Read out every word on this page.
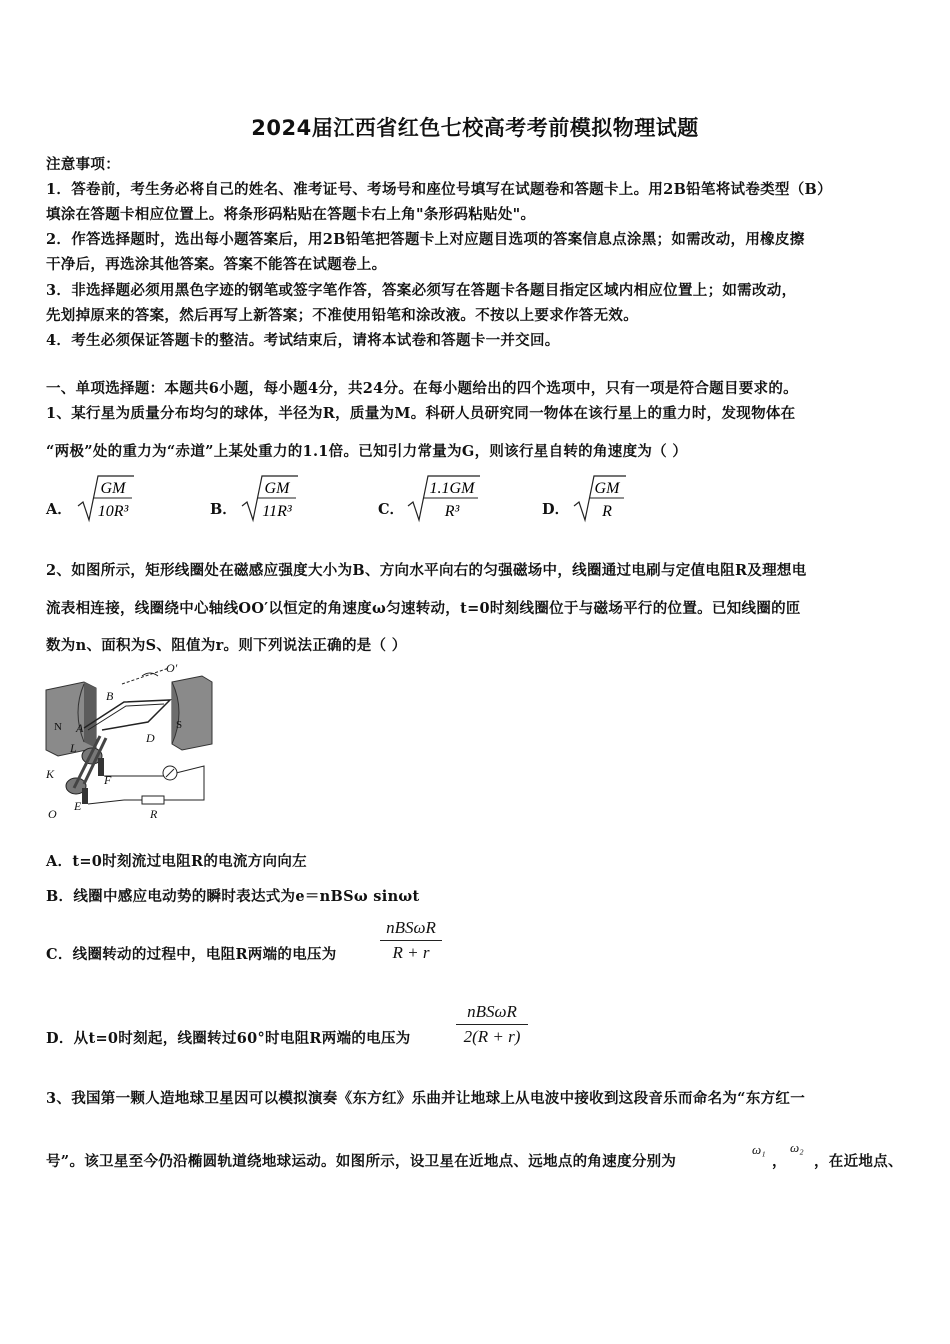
2024届江西省红色七校高考考前模拟物理试题
注意事项：
1．答卷前，考生务必将自己的姓名、准考证号、考场号和座位号填写在试题卷和答题卡上。用2B铅笔将试卷类型（B）
填涂在答题卡相应位置上。将条形码粘贴在答题卡右上角"条形码粘贴处"。
2．作答选择题时，选出每小题答案后，用2B铅笔把答题卡上对应题目选项的答案信息点涂黑；如需改动，用橡皮擦
干净后，再选涂其他答案。答案不能答在试题卷上。
3．非选择题必须用黑色字迹的钢笔或签字笔作答，答案必须写在答题卡各题目指定区域内相应位置上；如需改动，
先划掉原来的答案，然后再写上新答案；不准使用铅笔和涂改液。不按以上要求作答无效。
4．考生必须保证答题卡的整洁。考试结束后，请将本试卷和答题卡一并交回。
一、单项选择题：本题共6小题，每小题4分，共24分。在每小题给出的四个选项中，只有一项是符合题目要求的。
1、某行星为质量分布均匀的球体，半径为R，质量为M。科研人员研究同一物体在该行星上的重力时，发现物体在
“两极”处的重力为“赤道”上某处重力的1.1倍。已知引力常量为G，则该行星自转的角速度为（ ）
A．
GM
10R³	B．
GM
11R³	C．
1.1GM
R³	D．
GM
R
2、如图所示，矩形线圈处在磁感应强度大小为B、方向水平向右的匀强磁场中，线圈通过电刷与定值电阻R及理想电
流表相连接，线圈绕中心轴线OO′以恒定的角速度ω匀速转动，t=0时刻线圈位于与磁场平行的位置。已知线圈的匝
数为n、面积为S、阻值为r。则下列说法正确的是（ ）
O′
B
N A	S
D
L
K	F
O
E
R
A．t=0时刻流过电阻R的电流方向向左
B．线圈中感应电动势的瞬时表达式为e＝nBSω sinωt
C．线圈转动的过程中，电阻R两端的电压为
nBSωR
R + r
D．从t=0时刻起，线圈转过60°时电阻R两端的电压为
nBSωR
2(R + r)
3、我国第一颗人造地球卫星因可以模拟演奏《东方红》乐曲并让地球上从电波中接收到这段音乐而命名为“东方红一
号”。该卫星至今仍沿椭圆轨道绕地球运动。如图所示，设卫星在近地点、远地点的角速度分别为
ω₁
，
ω₂
，在近地点、
